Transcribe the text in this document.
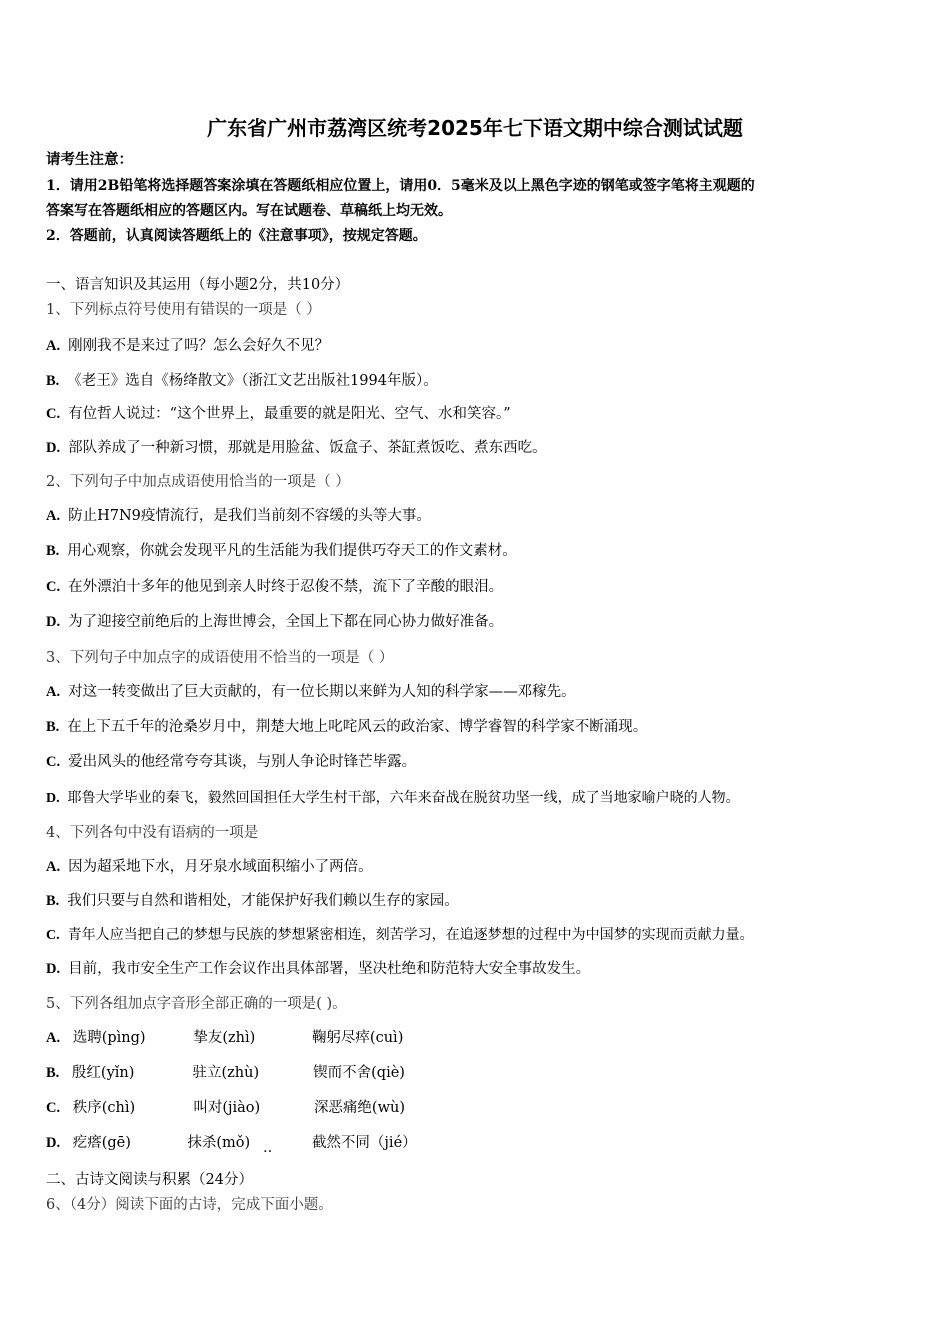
广东省广州市荔湾区统考2025年七下语文期中综合测试试题
请考生注意：
1．请用2B铅笔将选择题答案涂填在答题纸相应位置上，请用0．5毫米及以上黑色字迹的钢笔或签字笔将主观题的
答案写在答题纸相应的答题区内。写在试题卷、草稿纸上均无效。
2．答题前，认真阅读答题纸上的《注意事项》，按规定答题。
一、语言知识及其运用（每小题2分，共10分）
1、下列标点符号使用有错误的一项是（ ）
A. 刚刚我不是来过了吗？怎么会好久不见？
B. 《老王》选自《杨绛散文》（浙江文艺出版社1994年版）。
C. 有位哲人说过：“这个世界上，最重要的就是阳光、空气、水和笑容。”
D. 部队养成了一种新习惯，那就是用脸盆、饭盒子、茶缸煮饭吃、煮东西吃。
2、下列句子中加点成语使用恰当的一项是（ ）
A. 防止H7N9疫情流行，是我们当前刻不容缓的头等大事。
B. 用心观察，你就会发现平凡的生活能为我们提供巧夺天工的作文素材。
C. 在外漂泊十多年的他见到亲人时终于忍俊不禁，流下了辛酸的眼泪。
D. 为了迎接空前绝后的上海世博会，全国上下都在同心协力做好准备。
3、下列句子中加点字的成语使用不恰当的一项是（ ）
A. 对这一转变做出了巨大贡献的，有一位长期以来鲜为人知的科学家——邓稼先。
B. 在上下五千年的沧桑岁月中，荆楚大地上叱咤风云的政治家、博学睿智的科学家不断涌现。
C. 爱出风头的他经常夸夸其谈，与别人争论时锋芒毕露。
D. 耶鲁大学毕业的秦飞，毅然回国担任大学生村干部，六年来奋战在脱贫功坚一线，成了当地家喻户晓的人物。
4、下列各句中没有语病的一项是
A. 因为超采地下水，月牙泉水域面积缩小了两倍。
B. 我们只要与自然和谐相处，才能保护好我们赖以生存的家园。
C. 青年人应当把自己的梦想与民族的梦想紧密相连，刻苦学习，在追逐梦想的过程中为中国梦的实现而贡献力量。
D. 目前，我市安全生产工作会议作出具体部署，坚决杜绝和防范特大安全事故发生。
5、下列各组加点字音形全部正确的一项是( )。
A. 选聘(pìng)	挚友(zhì)	鞠躬尽瘁(cuì)
B. 殷红(yǐn)	驻立(zhù)	锲而不舍(qiè)
C. 秩序(chì)	叫对(jiào)	深恶痛绝(wù)
D. 疙瘩(gē)	抹杀(mǒ)	截然不同（jié）
‥
二、古诗文阅读与积累（24分）
6、（4分）阅读下面的古诗，完成下面小题。
